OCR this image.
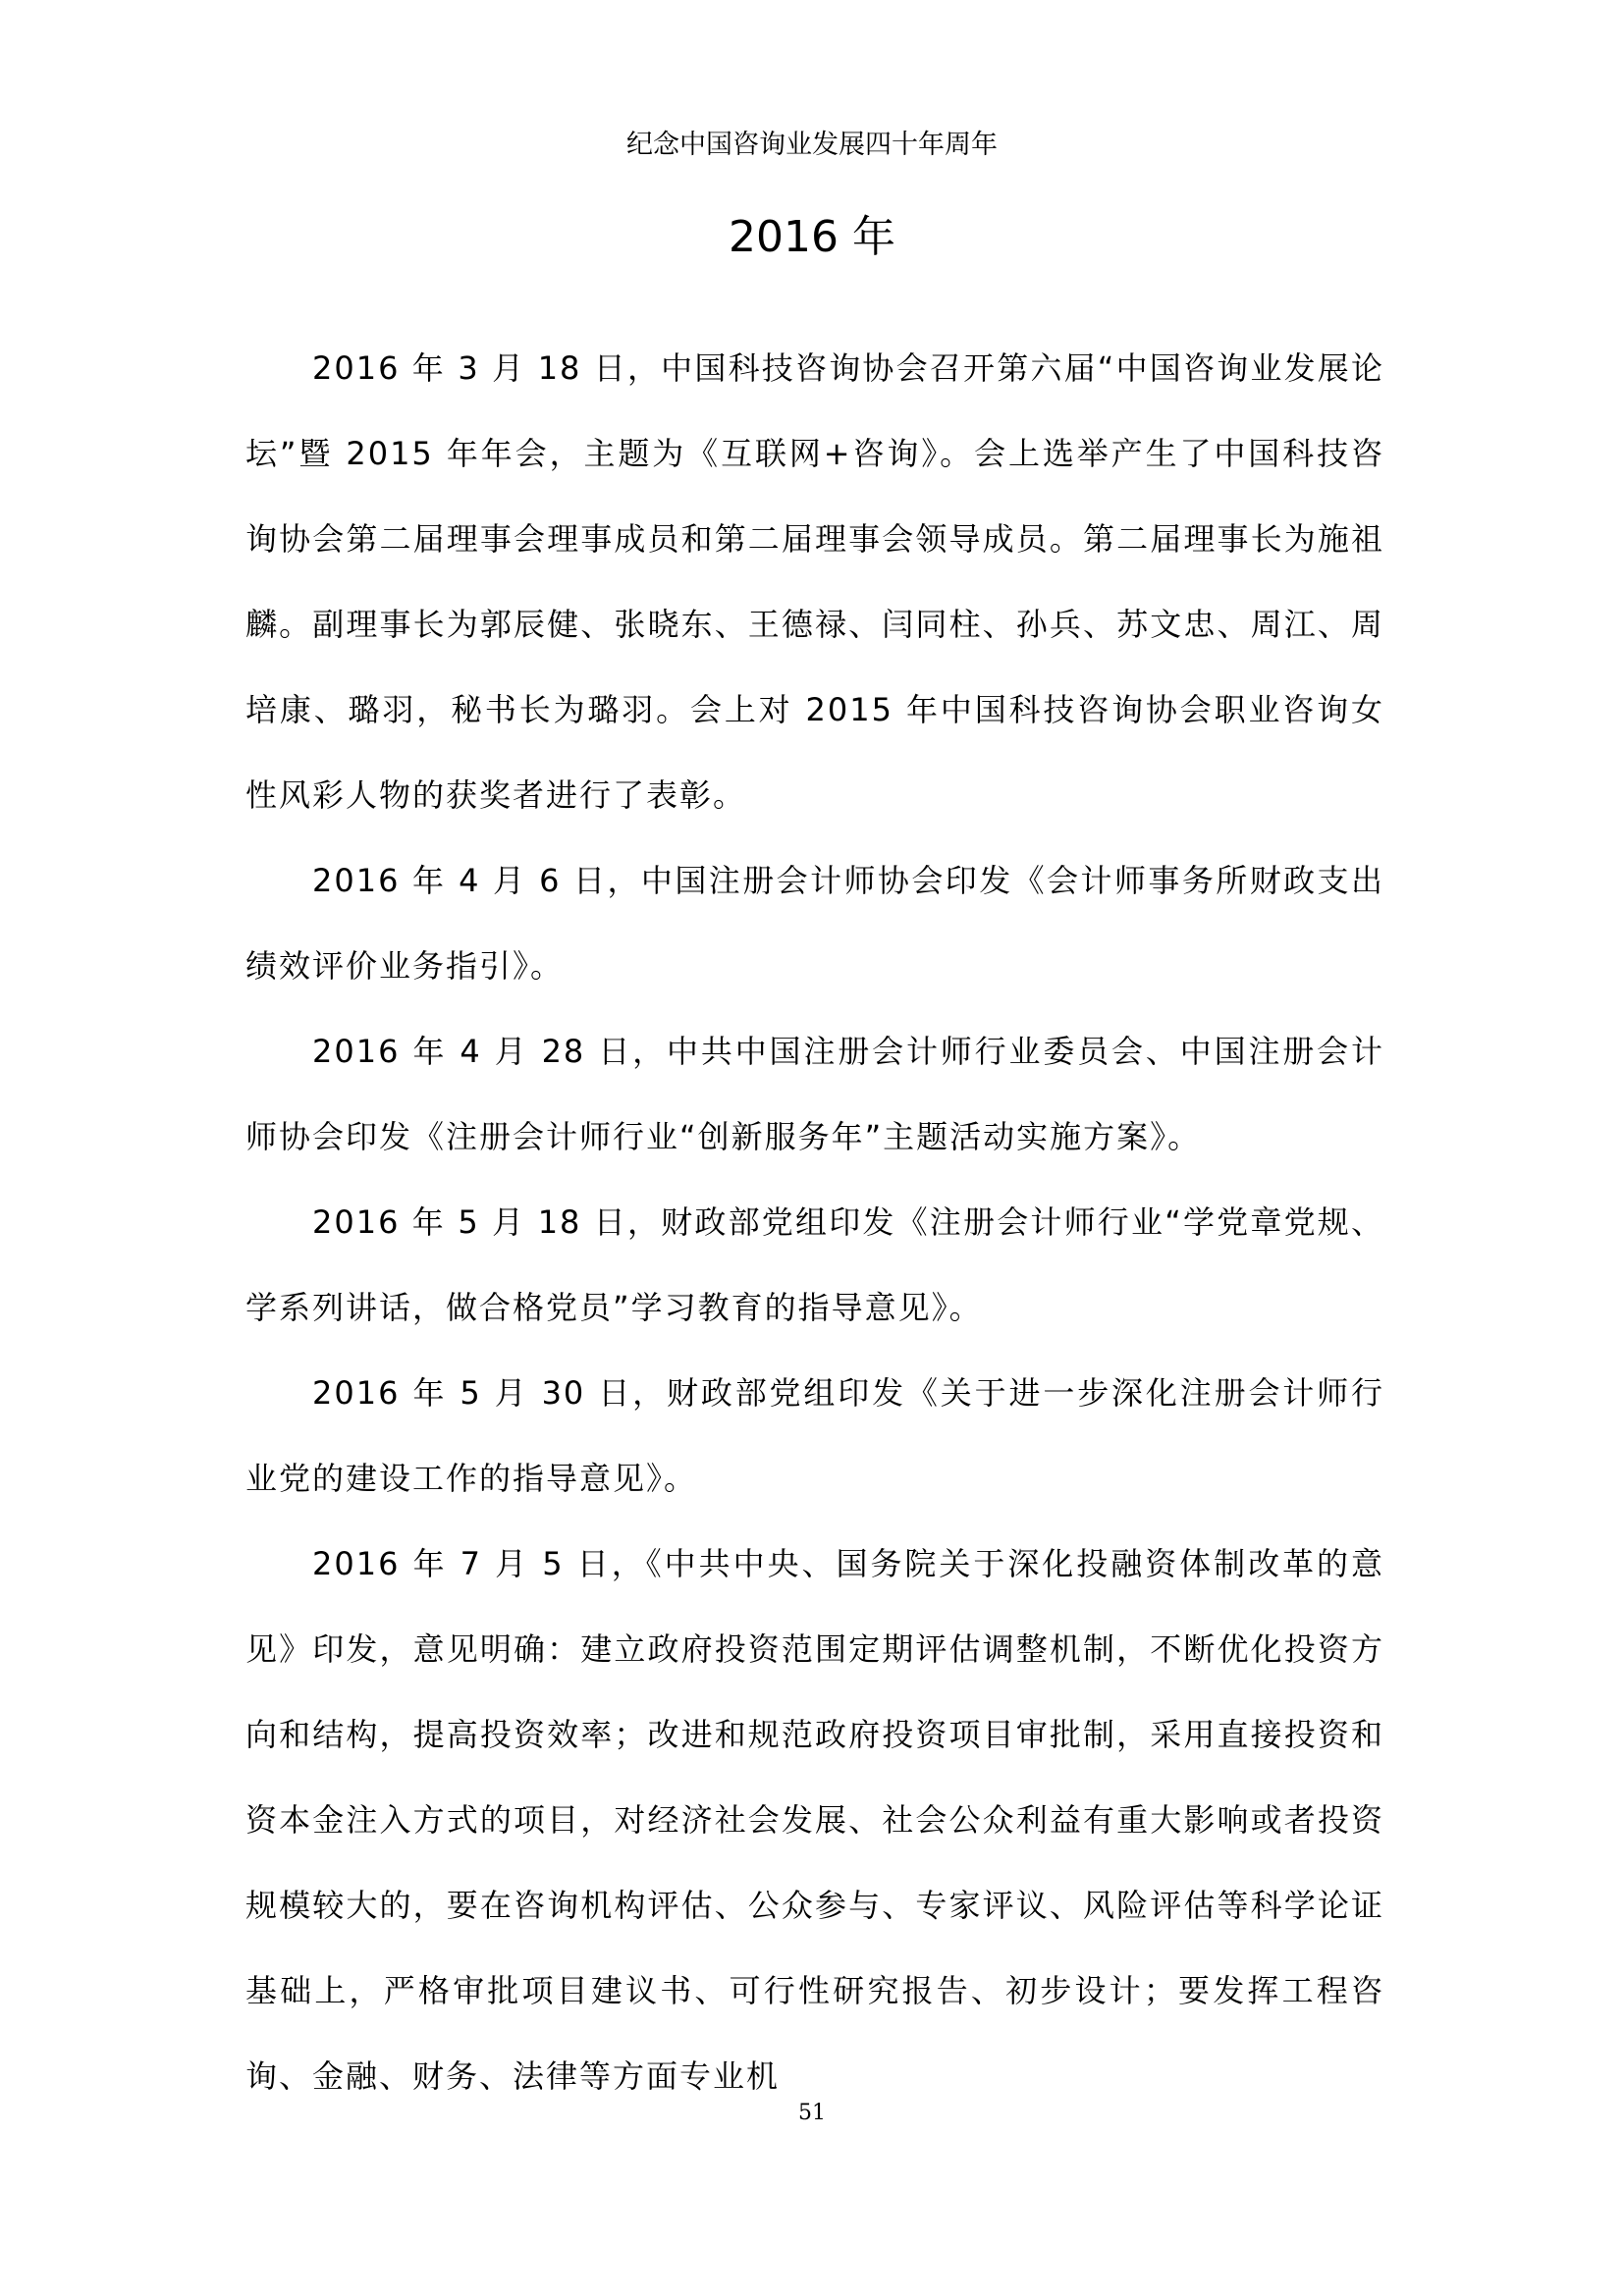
纪念中国咨询业发展四十年周年
2016 年

2016 年 3 月 18 日，中国科技咨询协会召开第六届“中国咨询业发展论坛”暨 2015 年年会，主题为《互联网+咨询》。会上选举产生了中国科技咨询协会第二届理事会理事成员和第二届理事会领导成员。第二届理事长为施祖麟。副理事长为郭辰健、张晓东、王德禄、闫同柱、孙兵、苏文忠、周江、周培康、璐羽，秘书长为璐羽。会上对 2015 年中国科技咨询协会职业咨询女性风彩人物的获奖者进行了表彰。

2016 年 4 月 6 日，中国注册会计师协会印发《会计师事务所财政支出绩效评价业务指引》。

2016 年 4 月 28 日，中共中国注册会计师行业委员会、中国注册会计师协会印发《注册会计师行业“创新服务年”主题活动实施方案》。

2016 年 5 月 18 日，财政部党组印发《注册会计师行业“学党章党规、学系列讲话，做合格党员”学习教育的指导意见》。

2016 年 5 月 30 日，财政部党组印发《关于进一步深化注册会计师行业党的建设工作的指导意见》。

2016 年 7 月 5 日，《中共中央、国务院关于深化投融资体制改革的意见》印发，意见明确：建立政府投资范围定期评估调整机制，不断优化投资方向和结构，提高投资效率；改进和规范政府投资项目审批制，采用直接投资和资本金注入方式的项目，对经济社会发展、社会公众利益有重大影响或者投资规模较大的，要在咨询机构评估、公众参与、专家评议、风险评估等科学论证基础上，严格审批项目建议书、可行性研究报告、初步设计；要发挥工程咨询、金融、财务、法律等方面专业机

51
